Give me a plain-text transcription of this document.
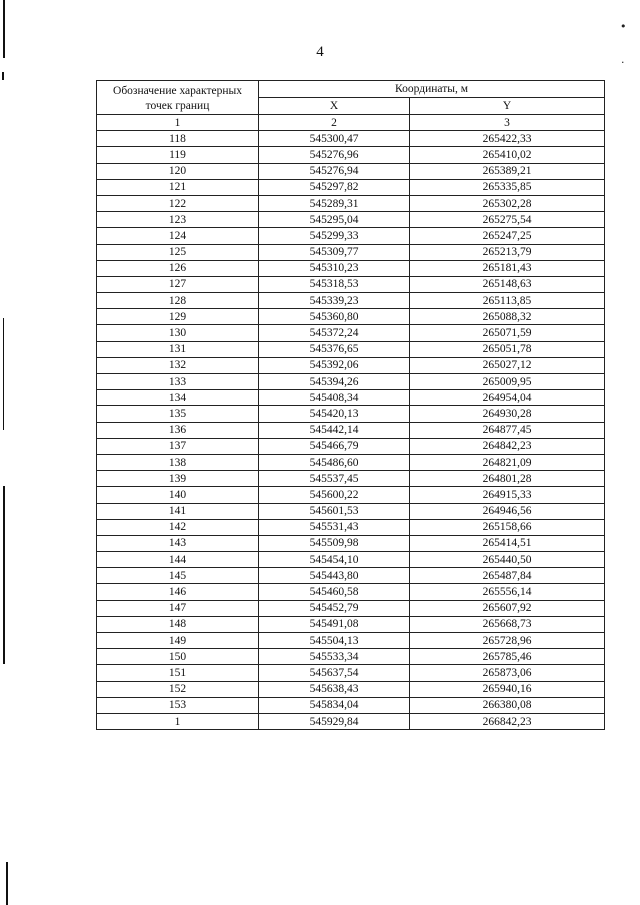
•
·
4
Обозначение характерных точек границ	Координаты, м	
	X	Y
1	2	3
118	545300,47	265422,33
119	545276,96	265410,02
120	545276,94	265389,21
121	545297,82	265335,85
122	545289,31	265302,28
123	545295,04	265275,54
124	545299,33	265247,25
125	545309,77	265213,79
126	545310,23	265181,43
127	545318,53	265148,63
128	545339,23	265113,85
129	545360,80	265088,32
130	545372,24	265071,59
131	545376,65	265051,78
132	545392,06	265027,12
133	545394,26	265009,95
134	545408,34	264954,04
135	545420,13	264930,28
136	545442,14	264877,45
137	545466,79	264842,23
138	545486,60	264821,09
139	545537,45	264801,28
140	545600,22	264915,33
141	545601,53	264946,56
142	545531,43	265158,66
143	545509,98	265414,51
144	545454,10	265440,50
145	545443,80	265487,84
146	545460,58	265556,14
147	545452,79	265607,92
148	545491,08	265668,73
149	545504,13	265728,96
150	545533,34	265785,46
151	545637,54	265873,06
152	545638,43	265940,16
153	545834,04	266380,08
1	545929,84	266842,23
